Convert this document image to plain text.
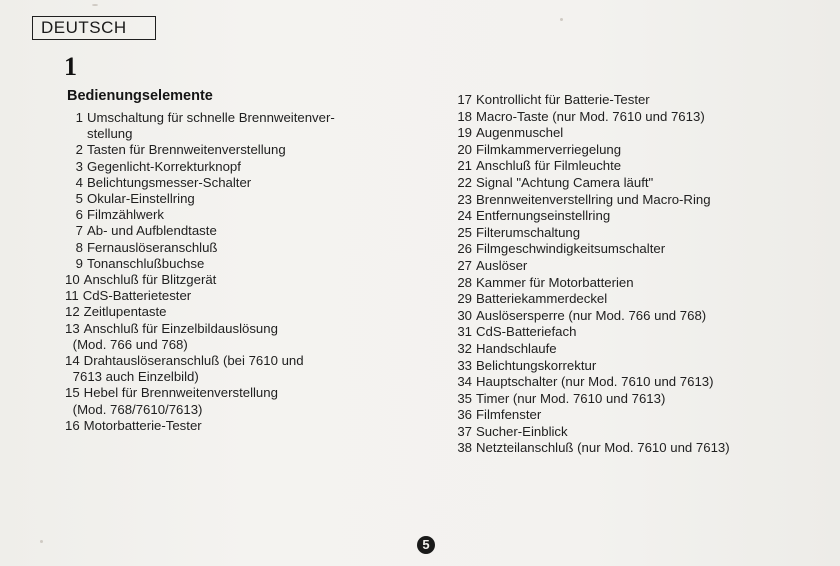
DEUTSCH
1
Bedienungselemente
1 Umschaltung für schnelle Brennweitenver-

stellung
2 Tasten für Brennweitenverstellung
3 Gegenlicht-Korrekturknopf
4 Belichtungsmesser-Schalter
5 Okular-Einstellring
6 Filmzählwerk
7 Ab- und Aufblendtaste
8 Fernauslöseranschluß
9 Tonanschlußbuchse
10 Anschluß für Blitzgerät
11 CdS-Batterietester
12 Zeitlupentaste
13 Anschluß für Einzelbildauslösung

(Mod. 766 und 768)
14 Drahtauslöseranschluß (bei 7610 und

7613 auch Einzelbild)
15 Hebel für Brennweitenverstellung

(Mod. 768/7610/7613)
16 Motorbatterie-Tester
17 Kontrollicht für Batterie-Tester
18 Macro-Taste (nur Mod. 7610 und 7613)
19 Augenmuschel
20 Filmkammerverriegelung
21 Anschluß für Filmleuchte
22 Signal "Achtung Camera läuft"
23 Brennweitenverstellring und Macro-Ring
24 Entfernungseinstellring
25 Filterumschaltung
26 Filmgeschwindigkeitsumschalter
27 Auslöser
28 Kammer für Motorbatterien
29 Batteriekammerdeckel
30 Auslösersperre (nur Mod. 766 und 768)
31 CdS-Batteriefach
32 Handschlaufe
33 Belichtungskorrektur
34 Hauptschalter (nur Mod. 7610 und 7613)
35 Timer (nur Mod. 7610 und 7613)
36 Filmfenster
37 Sucher-Einblick
38 Netzteilanschluß (nur Mod. 7610 und 7613)
5
